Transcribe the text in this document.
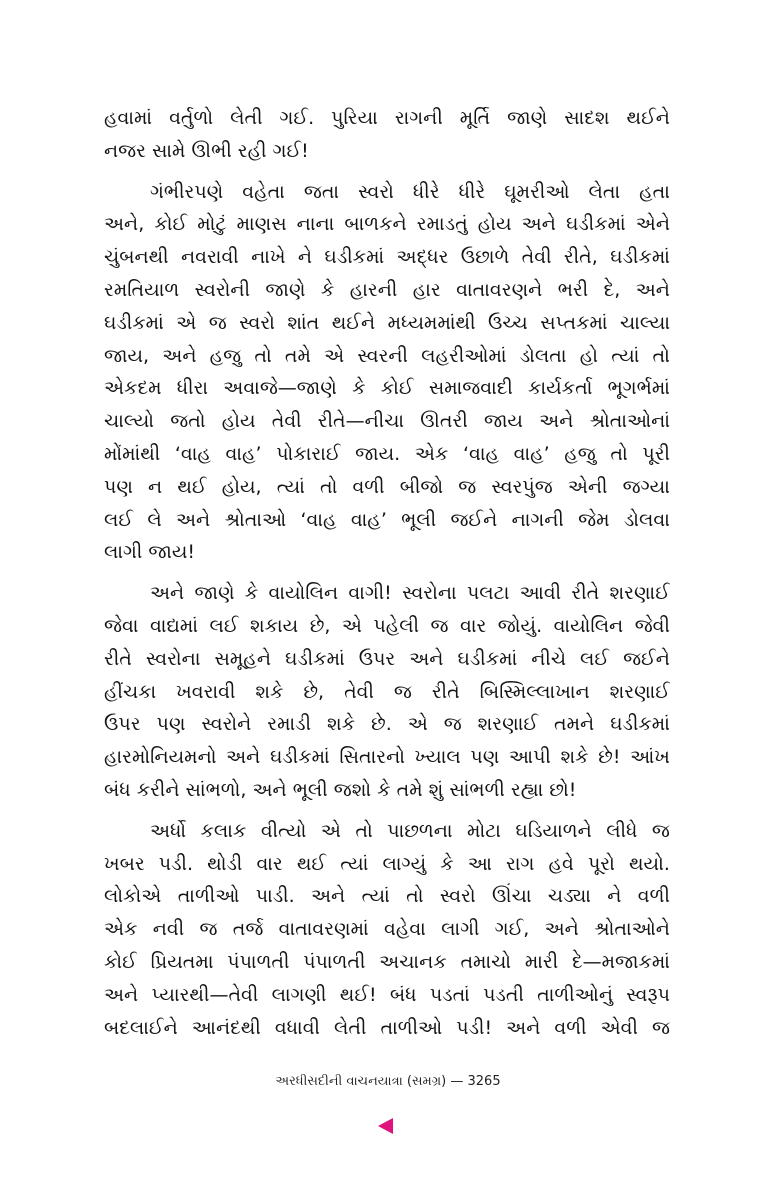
હવામાં વર્તુળો લેતી ગઈ. પુરિયા રાગની મૂર્તિ જાણે સાદશ થઈને
નજર સામે ઊભી રહી ગઈ!
ગંભીરપણે વહેતા જતા સ્વરો ધીરે ધીરે ઘૂમરીઓ લેતા હતા
અને, કોઈ મોટું માણસ નાના બાળકને રમાડતું હોય અને ઘડીકમાં એને
ચુંબનથી નવરાવી નાખે ને ઘડીકમાં અદ્ધર ઉછાળે તેવી રીતે, ઘડીકમાં
રમતિયાળ સ્વરોની જાણે કે હારની હાર વાતાવરણને ભરી દે, અને
ઘડીકમાં એ જ સ્વરો શાંત થઈને મધ્યમમાંથી ઉચ્ચ સપ્તકમાં ચાલ્યા
જાય, અને હજુ તો તમે એ સ્વરની લહરીઓમાં ડોલતા હો ત્યાં તો
એકદમ ધીરા અવાજે—જાણે કે કોઈ સમાજવાદી કાર્યકર્તા ભૂગર્ભમાં
ચાલ્યો જતો હોય તેવી રીતે—નીચા ઊતરી જાય અને શ્રોતાઓનાં
મોંમાંથી ‘વાહ વાહ’ પોકારાઈ જાય. એક ‘વાહ વાહ’ હજુ તો પૂરી
પણ ન થઈ હોય, ત્યાં તો વળી બીજો જ સ્વરપુંજ એની જગ્યા
લઈ લે અને શ્રોતાઓ ‘વાહ વાહ’ ભૂલી જઈને નાગની જેમ ડોલવા
લાગી જાય!
અને જાણે કે વાયોલિન વાગી! સ્વરોના પલટા આવી રીતે શરણાઈ
જેવા વાદ્યમાં લઈ શકાય છે, એ પહેલી જ વાર જોયું. વાયોલિન જેવી
રીતે સ્વરોના સમૂહને ઘડીકમાં ઉપર અને ઘડીકમાં નીચે લઈ જઈને
હીંચકા ખવરાવી શકે છે, તેવી જ રીતે બિસ્મિલ્લાખાન શરણાઈ
ઉપર પણ સ્વરોને રમાડી શકે છે. એ જ શરણાઈ તમને ઘડીકમાં
હારમોનિયમનો અને ઘડીકમાં સિતારનો ખ્યાલ પણ આપી શકે છે! આંખ
બંધ કરીને સાંભળો, અને ભૂલી જશો કે તમે શું સાંભળી રહ્યા છો!
અર્ધો કલાક વીત્યો એ તો પાછળના મોટા ઘડિયાળને લીધે જ
ખબર પડી. થોડી વાર થઈ ત્યાં લાગ્યું કે આ રાગ હવે પૂરો થયો.
લોકોએ તાળીઓ પાડી. અને ત્યાં તો સ્વરો ઊંચા ચડ્યા ને વળી
એક નવી જ તર્જ વાતાવરણમાં વહેવા લાગી ગઈ, અને શ્રોતાઓને
કોઈ પ્રિયતમા પંપાળતી પંપાળતી અચાનક તમાચો મારી દે—મજાકમાં
અને પ્યારથી—તેવી લાગણી થઈ! બંધ પડતાં પડતી તાળીઓનું સ્વરૂપ
બદલાઈને આનંદથી વધાવી લેતી તાળીઓ પડી! અને વળી એવી જ
અરધીસદીની વાચનયાત્રા (સમગ્ર) — 3265
